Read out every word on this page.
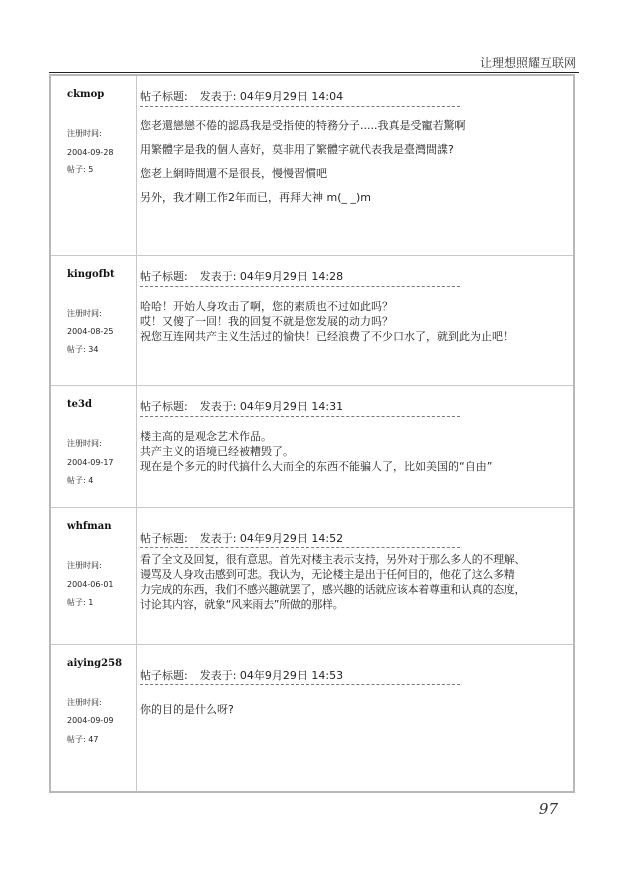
让理想照耀互联网
ckmop
注册时间:
2004-09-28
帖子: 5
帖子标题: 发表于: 04年9月29日 14:04

您老還戀戀不倦的認爲我是受指使的特務分子.....我真是受寵若驚啊

用繁體字是我的個人喜好，莫非用了繁體字就代表我是臺灣間諜?

您老上網時間還不是很長，慢慢習慣吧

另外，我才剛工作2年而已，再拜大神 m(_ _)m

kingofbt
注册时间:
2004-08-25
帖子: 34
帖子标题: 发表于: 04年9月29日 14:28

哈哈！开始人身攻击了啊，您的素质也不过如此吗？

哎！又傻了一回！我的回复不就是您发展的动力吗？

祝您互连网共产主义生活过的愉快！已经浪费了不少口水了，就到此为止吧！

te3d
注册时间:
2004-09-17
帖子: 4
帖子标题: 发表于: 04年9月29日 14:31

楼主高的是观念艺术作品。

共产主义的语境已经被糟毁了。

现在是个多元的时代搞什么大而全的东西不能骗人了，比如美国的“自由”

whfman
注册时间:
2004-06-01
帖子: 1
帖子标题: 发表于: 04年9月29日 14:52

看了全文及回复，很有意思。首先对楼主表示支持，另外对于那么多人的不理解、

谩骂及人身攻击感到可悲。我认为，无论楼主是出于任何目的，他花了这么多精

力完成的东西，我们不感兴趣就罢了，感兴趣的话就应该本着尊重和认真的态度，

讨论其内容，就象“风来雨去”所做的那样。

aiying258
注册时间:
2004-09-09
帖子: 47
帖子标题: 发表于: 04年9月29日 14:53

你的目的是什么呀?

97
